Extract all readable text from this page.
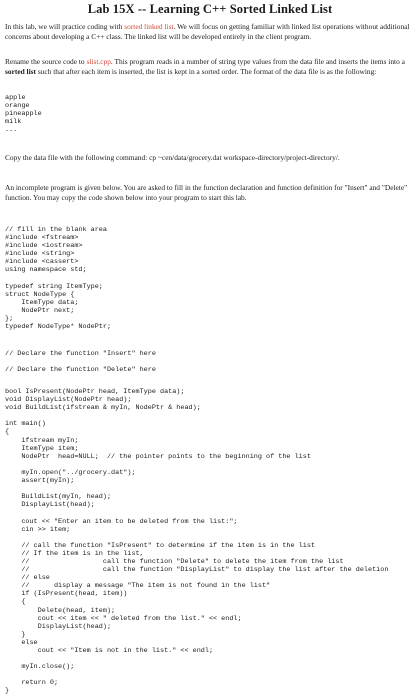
Lab 15X -- Learning C++ Sorted Linked List

In this lab, we will practice coding with sorted linked list. We will focus on getting familiar with linked list operations without additional concerns about developing a C++ class. The linked list will be developed entirely in the client program.

Rename the source code to slist.cpp. This program reads in a number of string type values from the data file and inserts the items into a sorted list such that after each item is inserted, the list is kept in a sorted order. The format of the data file is as the following:

apple
orange
pineapple
milk
...

Copy the data file with the following command: cp ~cen/data/grocery.dat workspace-directory/project-directory/.

An incomplete program is given below. You are asked to fill in the function declaration and function definition for "Insert" and "Delete" function. You may copy the code shown below into your program to start this lab.

// fill in the blank area
#include <fstream>
#include <iostream>
#include <string>
#include <cassert>
using namespace std;

typedef string ItemType;
struct NodeType {
ItemType data;
NodePtr next;
};
typedef NodeType* NodePtr;
// Declare the function "Insert" here

// Declare the function "Delete" here
bool IsPresent(NodePtr head, ItemType data);
void DisplayList(NodePtr head);
void BuildList(ifstream & myIn, NodePtr & head);

int main()
{
ifstream myIn;
ItemType item;
NodePtr  head=NULL;  // the pointer points to the beginning of the list

myIn.open("../grocery.dat");
assert(myIn);

BuildList(myIn, head);
DisplayList(head);

cout << "Enter an item to be deleted from the list:";
cin >> item;

// call the function "IsPresent" to determine if the item is in the list
// If the item is in the list,
//                  call the function "Delete" to delete the item from the list
//                  call the function "DisplayList" to display the list after the deletion
// else
//      display a message "The item is not found in the list"
if (IsPresent(head, item))
{
Delete(head, item);
cout << item << " deleted from the list." << endl;
DisplayList(head);
}
else
cout << "Item is not in the list." << endl;

myIn.close();

return 0;
}
